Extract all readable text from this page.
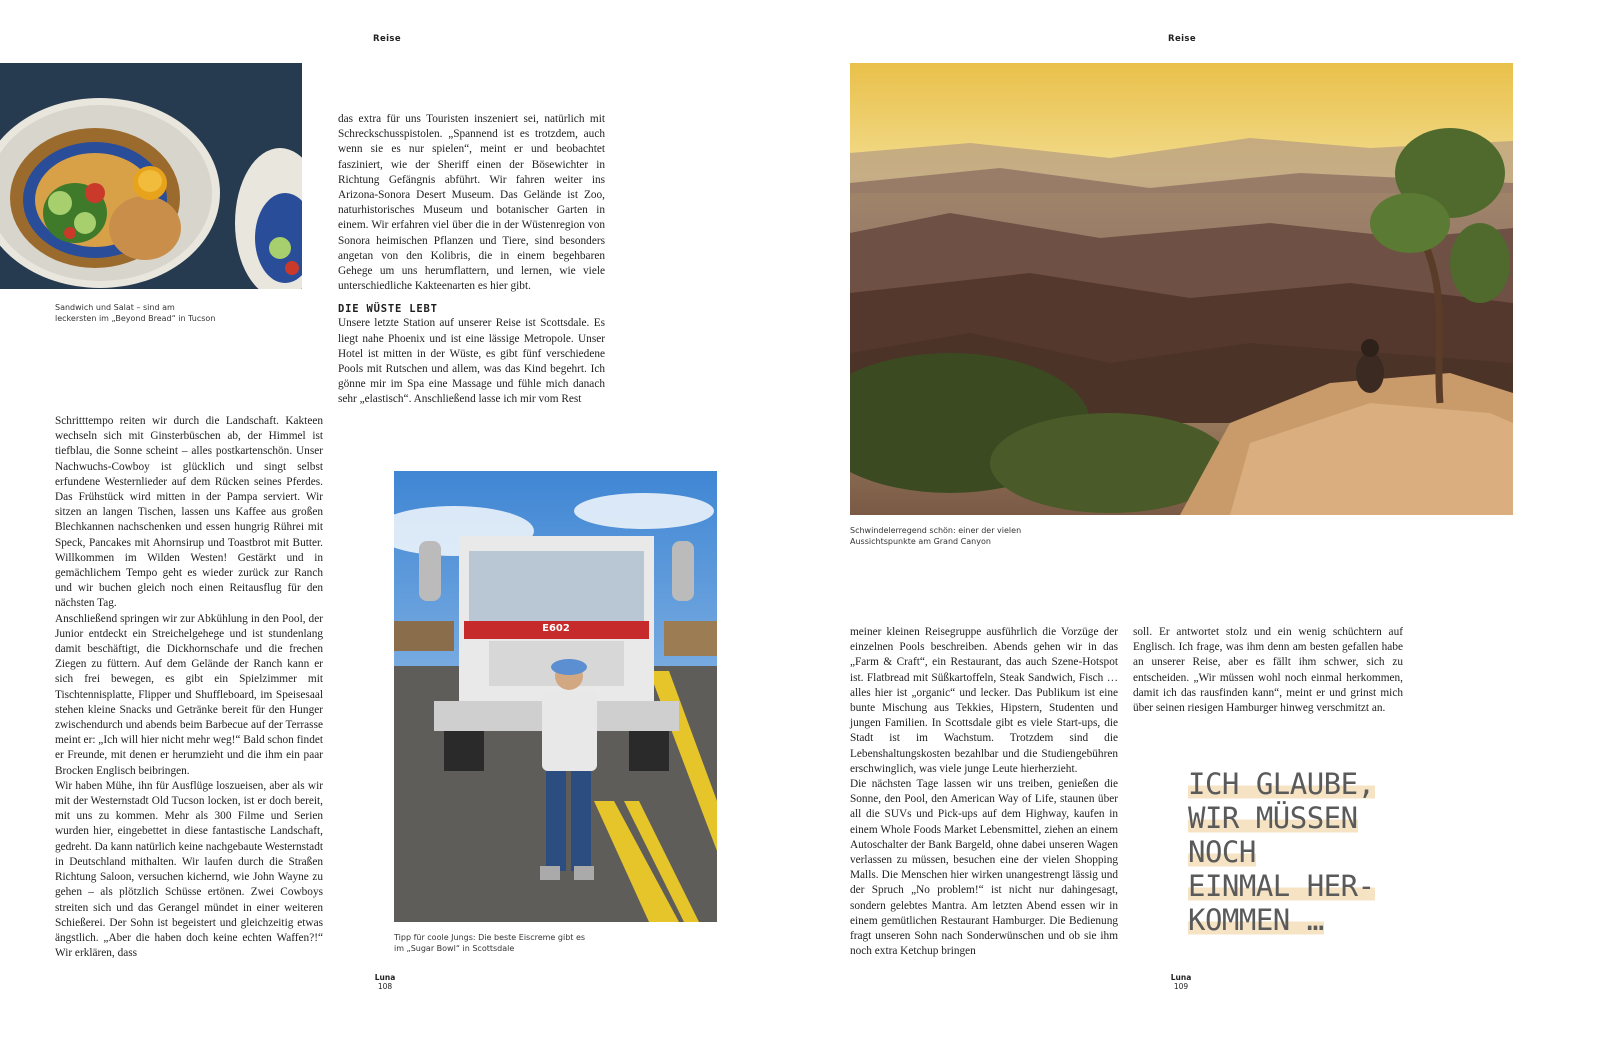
Reise
Sandwich und Salat – sind am
leckersten im „Beyond Bread“ in Tucson
das extra für uns Touristen inszeniert sei, natürlich mit Schreckschusspistolen. „Spannend ist es trotzdem, auch wenn sie es nur spielen“, meint er und beobachtet fasziniert, wie der Sheriff einen der Bösewichter in Richtung Gefängnis abführt. Wir fahren weiter ins Arizona-Sonora Desert Museum. Das Gelände ist Zoo, naturhistorisches Museum und botanischer Garten in einem. Wir erfahren viel über die in der Wüstenregion von Sonora heimischen Pflanzen und Tiere, sind besonders angetan von den Kolibris, die in einem begehbaren Gehege um uns herumflattern, und lernen, wie viele unterschiedliche Kakteenarten es hier gibt.
DIE WÜSTE LEBT
Unsere letzte Station auf unserer Reise ist Scottsdale. Es liegt nahe Phoenix und ist eine lässige Metropole. Unser Hotel ist mitten in der Wüste, es gibt fünf verschiedene Pools mit Rutschen und allem, was das Kind begehrt. Ich gönne mir im Spa eine Massage und fühle mich danach sehr „elastisch“. Anschließend lasse ich mir vom Rest
Schritttempo reiten wir durch die Landschaft. Kakteen wechseln sich mit Ginsterbüschen ab, der Himmel ist tiefblau, die Sonne scheint – alles postkartenschön. Unser Nachwuchs-Cowboy ist glücklich und singt selbst erfundene Westernlieder auf dem Rücken seines Pferdes. Das Frühstück wird mitten in der Pampa serviert. Wir sitzen an langen Tischen, lassen uns Kaffee aus großen Blechkannen nachschenken und essen hungrig Rührei mit Speck, Pancakes mit Ahornsirup und Toastbrot mit Butter. Willkommen im Wilden Westen! Gestärkt und in gemächlichem Tempo geht es wieder zurück zur Ranch und wir buchen gleich noch einen Reitausflug für den nächsten Tag.
Anschließend springen wir zur Abkühlung in den Pool, der Junior entdeckt ein Streichelgehege und ist stundenlang damit beschäftigt, die Dickhornschafe und die frechen Ziegen zu füttern. Auf dem Gelände der Ranch kann er sich frei bewegen, es gibt ein Spielzimmer mit Tischtennisplatte, Flipper und Shuffleboard, im Speisesaal stehen kleine Snacks und Getränke bereit für den Hunger zwischendurch und abends beim Barbecue auf der Terrasse meint er: „Ich will hier nicht mehr weg!“ Bald schon findet er Freunde, mit denen er herumzieht und die ihm ein paar Brocken Englisch beibringen.
Wir haben Mühe, ihn für Ausflüge loszueisen, aber als wir mit der Westernstadt Old Tucson locken, ist er doch bereit, mit uns zu kommen. Mehr als 300 Filme und Serien wurden hier, eingebettet in diese fantastische Landschaft, gedreht. Da kann natürlich keine nachgebaute Westernstadt in Deutschland mithalten. Wir laufen durch die Straßen Richtung Saloon, versuchen kichernd, wie John Wayne zu gehen – als plötzlich Schüsse ertönen. Zwei Cowboys streiten sich und das Gerangel mündet in einer weiteren Schießerei. Der Sohn ist begeistert und gleichzeitig etwas ängstlich. „Aber die haben doch keine echten Waffen?!“ Wir erklären, dass
E602
Tipp für coole Jungs: Die beste Eiscreme gibt es
im „Sugar Bowl“ in Scottsdale
Luna
108
Reise
Schwindelerregend schön: einer der vielen
Aussichtspunkte am Grand Canyon
meiner kleinen Reisegruppe ausführlich die Vorzüge der einzelnen Pools beschreiben. Abends gehen wir in das „Farm & Craft“, ein Restaurant, das auch Szene-Hotspot ist. Flatbread mit Süßkartoffeln, Steak Sandwich, Fisch … alles hier ist „organic“ und lecker. Das Publikum ist eine bunte Mischung aus Tekkies, Hipstern, Studenten und jungen Familien. In Scottsdale gibt es viele Start-ups, die Stadt ist im Wachstum. Trotzdem sind die Lebenshaltungskosten bezahlbar und die Studiengebühren erschwinglich, was viele junge Leute hierherzieht.
Die nächsten Tage lassen wir uns treiben, genießen die Sonne, den Pool, den American Way of Life, staunen über all die SUVs und Pick-ups auf dem Highway, kaufen in einem Whole Foods Market Lebensmittel, ziehen an einem Autoschalter der Bank Bargeld, ohne dabei unseren Wagen verlassen zu müssen, besuchen eine der vielen Shopping Malls. Die Menschen hier wirken unangestrengt lässig und der Spruch „No problem!“ ist nicht nur dahingesagt, sondern gelebtes Mantra. Am letzten Abend essen wir in einem gemütlichen Restaurant Hamburger. Die Bedienung fragt unseren Sohn nach Sonderwünschen und ob sie ihm noch extra Ketchup bringen
soll. Er antwortet stolz und ein wenig schüchtern auf Englisch. Ich frage, was ihm denn am besten gefallen habe an unserer Reise, aber es fällt ihm schwer, sich zu entscheiden. „Wir müssen wohl noch einmal herkommen, damit ich das rausfinden kann“, meint er und grinst mich über seinen riesigen Hamburger hinweg verschmitzt an.
ICH GLAUBE,
WIR MÜSSEN
NOCH
EINMAL HER-
KOMMEN …
Luna
109
